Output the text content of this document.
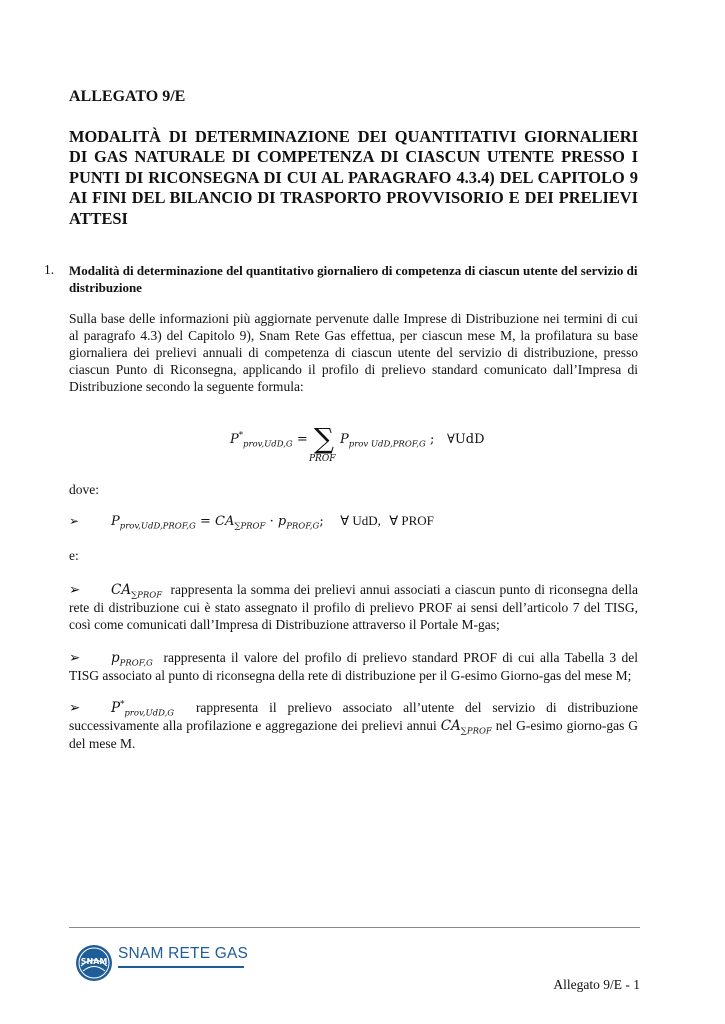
ALLEGATO 9/E
MODALITÀ DI DETERMINAZIONE DEI QUANTITATIVI GIORNALIERI DI GAS NATURALE DI COMPETENZA DI CIASCUN UTENTE PRESSO I PUNTI DI RICONSEGNA DI CUI AL PARAGRAFO 4.3.4) DEL CAPITOLO 9 AI FINI DEL BILANCIO DI TRASPORTO PROVVISORIO E DEI PRELIEVI ATTESI
1. Modalità di determinazione del quantitativo giornaliero di competenza di ciascun utente del servizio di distribuzione

Sulla base delle informazioni più aggiornate pervenute dalle Imprese di Distribuzione nei termini di cui al paragrafo 4.3) del Capitolo 9), Snam Rete Gas effettua, per ciascun mese M, la profilatura su base giornaliera dei prelievi annuali di competenza di ciascun utente del servizio di distribuzione, presso ciascun Punto di Riconsegna, applicando il profilo di prelievo standard comunicato dall’Impresa di Distribuzione secondo la seguente formula:

$P^*_{prov,UdD,G}$ = ∑
PROF
$P_{prov UdD,PROF,G}$ ; ∀UdD
dove:
➢ $P_{prov,UdD,PROF,G} = CA_{\sum PROF} \cdot p_{PROF,G}$; ∀ UdD, ∀ PROF
e:

➢ $CA_{\sum PROF}$ rappresenta la somma dei prelievi annui associati a ciascun punto di riconsegna della rete di distribuzione cui è stato assegnato il profilo di prelievo PROF ai sensi dell’articolo 7 del TISG, così come comunicati dall’Impresa di Distribuzione attraverso il Portale M-gas;

➢ $p_{PROF,G}$ rappresenta il valore del profilo di prelievo standard PROF di cui alla Tabella 3 del TISG associato al punto di riconsegna della rete di distribuzione per il G-esimo Giorno-gas del mese M;

➢ $P^*_{prov,UdD,G}$ rappresenta il prelievo associato all’utente del servizio di distribuzione successivamente alla profilazione e aggregazione dei prelievi annui $CA_{\sum PROF}$ nel G-esimo giorno-gas G del mese M.

SNAM SNAM RETE GAS
Allegato 9/E - 1
